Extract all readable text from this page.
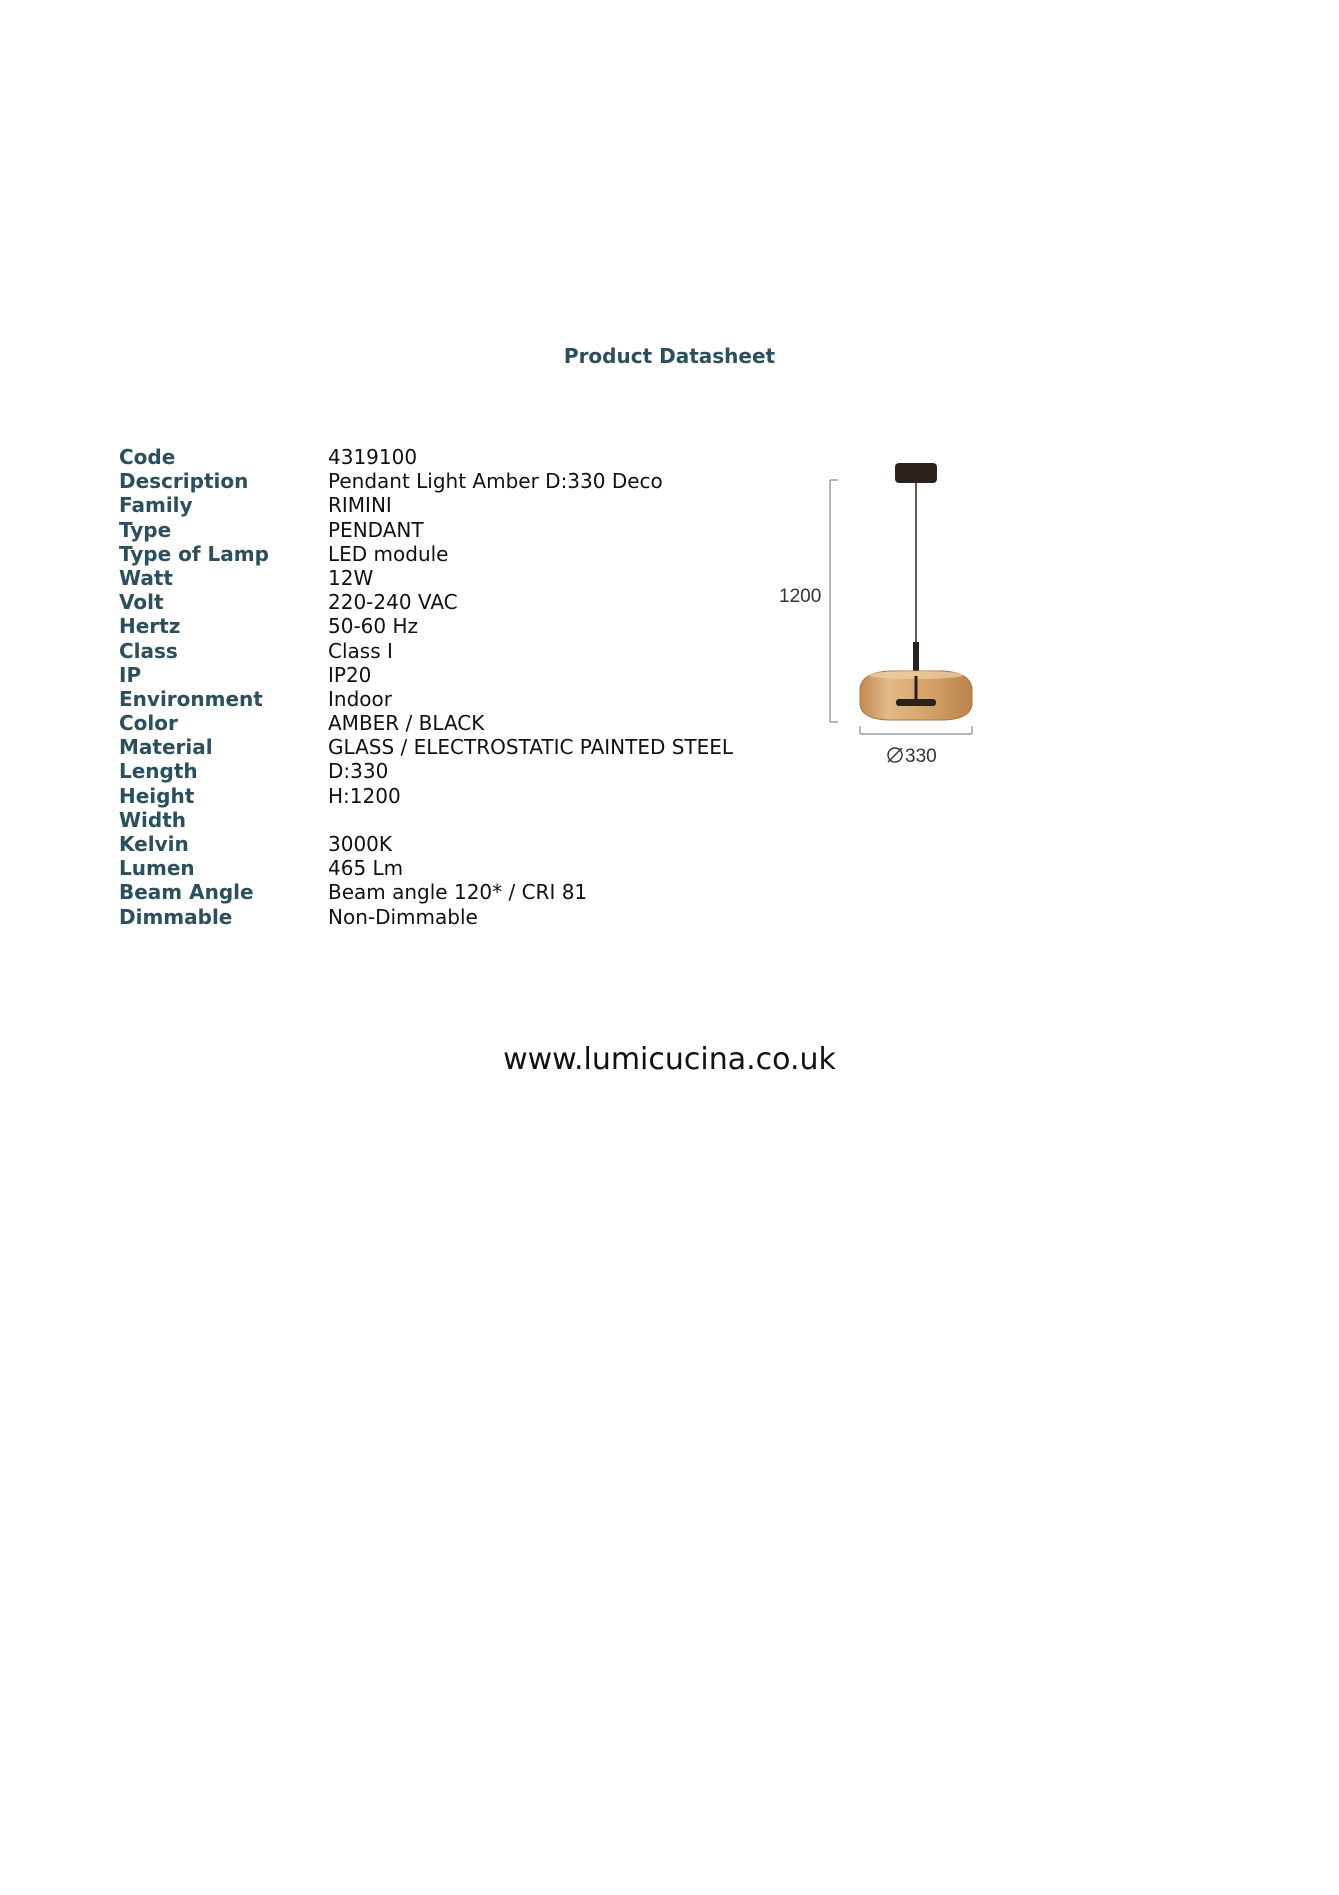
Product Datasheet
Code	4319100
Description	Pendant Light Amber D:330 Deco
Family	RIMINI
Type	PENDANT
Type of Lamp	LED module
Watt	12W
Volt	220-240 VAC
Hertz	50-60 Hz
Class	Class I
IP	IP20
Environment	Indoor
Color	AMBER / BLACK
Material	GLASS / ELECTROSTATIC PAINTED STEEL
Length	D:330
Height	H:1200
Width
Kelvin	3000K
Lumen	465 Lm
Beam Angle	Beam angle 120* / CRI 81
Dimmable	Non-Dimmable
1200
330
www.lumicucina.co.uk
